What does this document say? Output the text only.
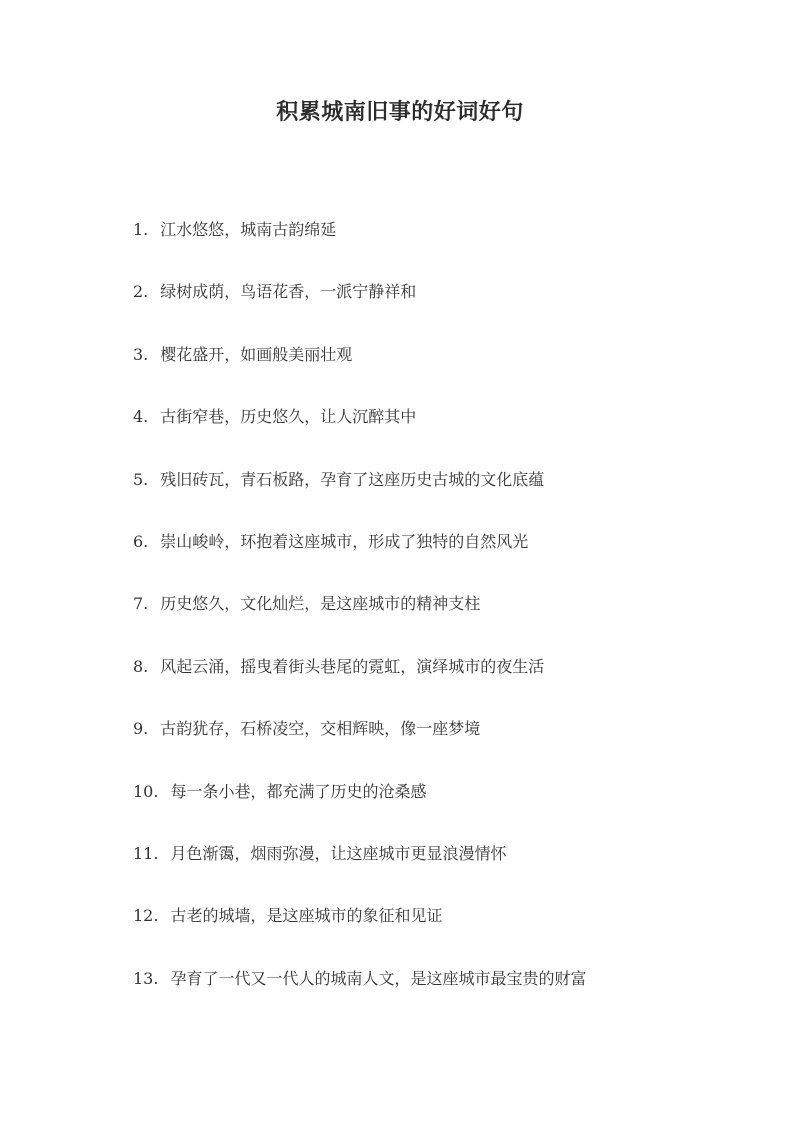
积累城南旧事的好词好句
1. 江水悠悠，城南古韵绵延
2. 绿树成荫，鸟语花香，一派宁静祥和
3. 樱花盛开，如画般美丽壮观
4. 古街窄巷，历史悠久，让人沉醉其中
5. 残旧砖瓦，青石板路，孕育了这座历史古城的文化底蕴
6. 崇山峻岭，环抱着这座城市，形成了独特的自然风光
7. 历史悠久，文化灿烂，是这座城市的精神支柱
8. 风起云涌，摇曳着街头巷尾的霓虹，演绎城市的夜生活
9. 古韵犹存，石桥凌空，交相辉映，像一座梦境
10. 每一条小巷，都充满了历史的沧桑感
11. 月色渐霭，烟雨弥漫，让这座城市更显浪漫情怀
12. 古老的城墙，是这座城市的象征和见证
13. 孕育了一代又一代人的城南人文，是这座城市最宝贵的财富
